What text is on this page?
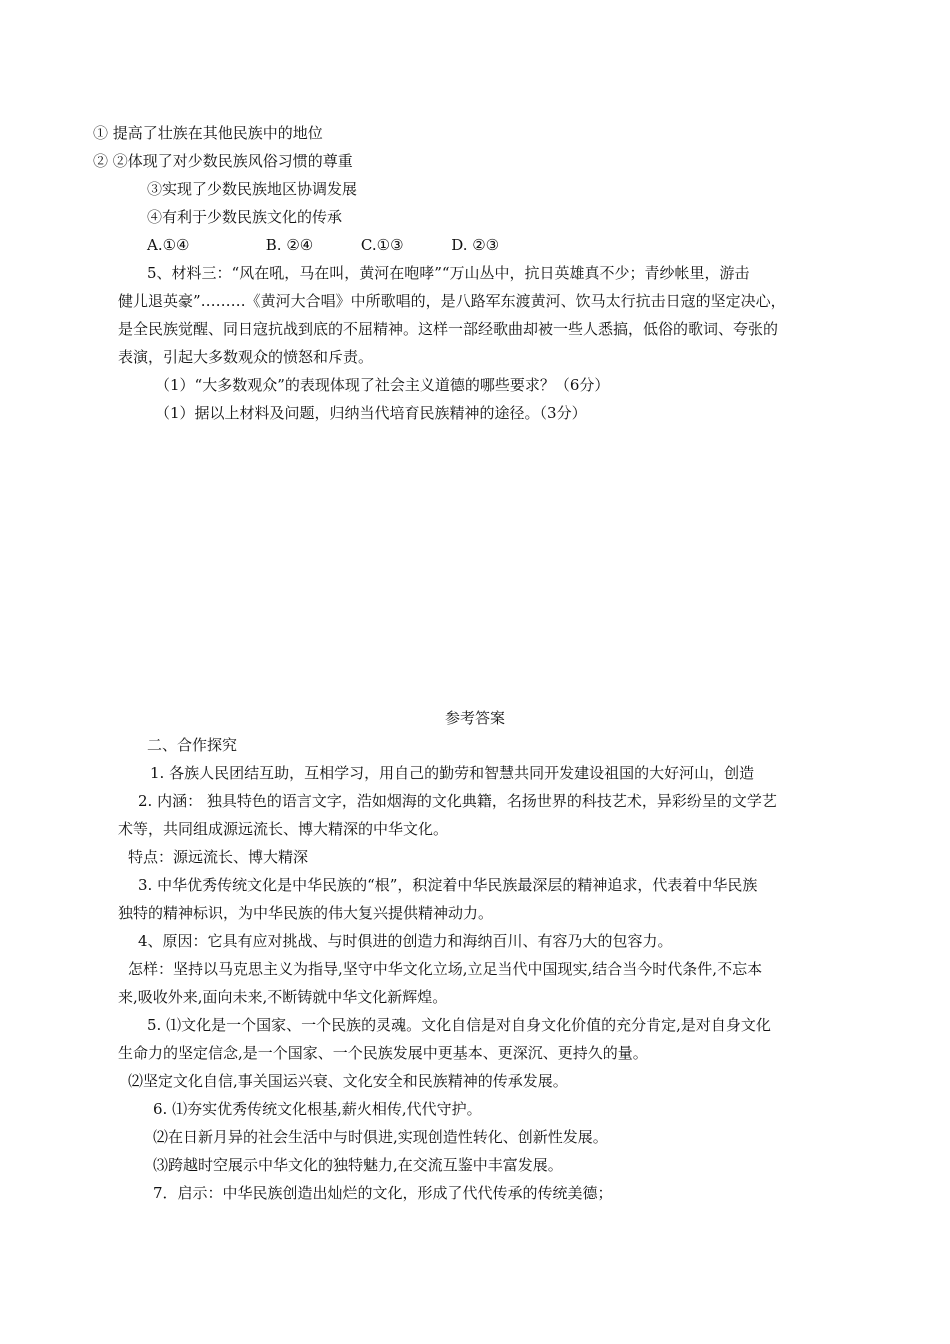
① 提高了壮族在其他民族中的地位
② ②体现了对少数民族风俗习惯的尊重
③实现了少数民族地区协调发展
④有利于少数民族文化的传承
A.①④                B. ②④          C.①③          D. ②③
5、材料三：“风在吼，马在叫，黄河在咆哮”“万山丛中，抗日英雄真不少；青纱帐里，游击
健儿退英豪”………《黄河大合唱》中所歌唱的，是八路军东渡黄河、饮马太行抗击日寇的坚定决心，
是全民族觉醒、同日寇抗战到底的不屈精神。这样一部经歌曲却被一些人悉搞，低俗的歌词、夸张的
表演，引起大多数观众的愤怒和斥责。
（1）“大多数观众”的表现体现了社会主义道德的哪些要求？（6分）
（1）据以上材料及问题，归纳当代培育民族精神的途径。（3分）
参考答案
二、合作探究
1. 各族人民团结互助，互相学习，用自己的勤劳和智慧共同开发建设祖国的大好河山，创造
2. 内涵： 独具特色的语言文字，浩如烟海的文化典籍，名扬世界的科技艺术，异彩纷呈的文学艺
术等，共同组成源远流长、博大精深的中华文化。
特点：源远流长、博大精深
3. 中华优秀传统文化是中华民族的“根”，积淀着中华民族最深层的精神追求，代表着中华民族
独特的精神标识，为中华民族的伟大复兴提供精神动力。
4、原因：它具有应对挑战、与时俱进的创造力和海纳百川、有容乃大的包容力。
怎样：坚持以马克思主义为指导,坚守中华文化立场,立足当代中国现实,结合当今时代条件,不忘本
来,吸收外来,面向未来,不断铸就中华文化新辉煌。
5. ⑴文化是一个国家、一个民族的灵魂。文化自信是对自身文化价值的充分肯定,是对自身文化
生命力的坚定信念,是一个国家、一个民族发展中更基本、更深沉、更持久的量。
⑵坚定文化自信,事关国运兴衰、文化安全和民族精神的传承发展。
6. ⑴夯实优秀传统文化根基,薪火相传,代代守护。
⑵在日新月异的社会生活中与时俱进,实现创造性转化、创新性发展。
⑶跨越时空展示中华文化的独特魅力,在交流互鉴中丰富发展。
7．启示：中华民族创造出灿烂的文化，形成了代代传承的传统美德；
